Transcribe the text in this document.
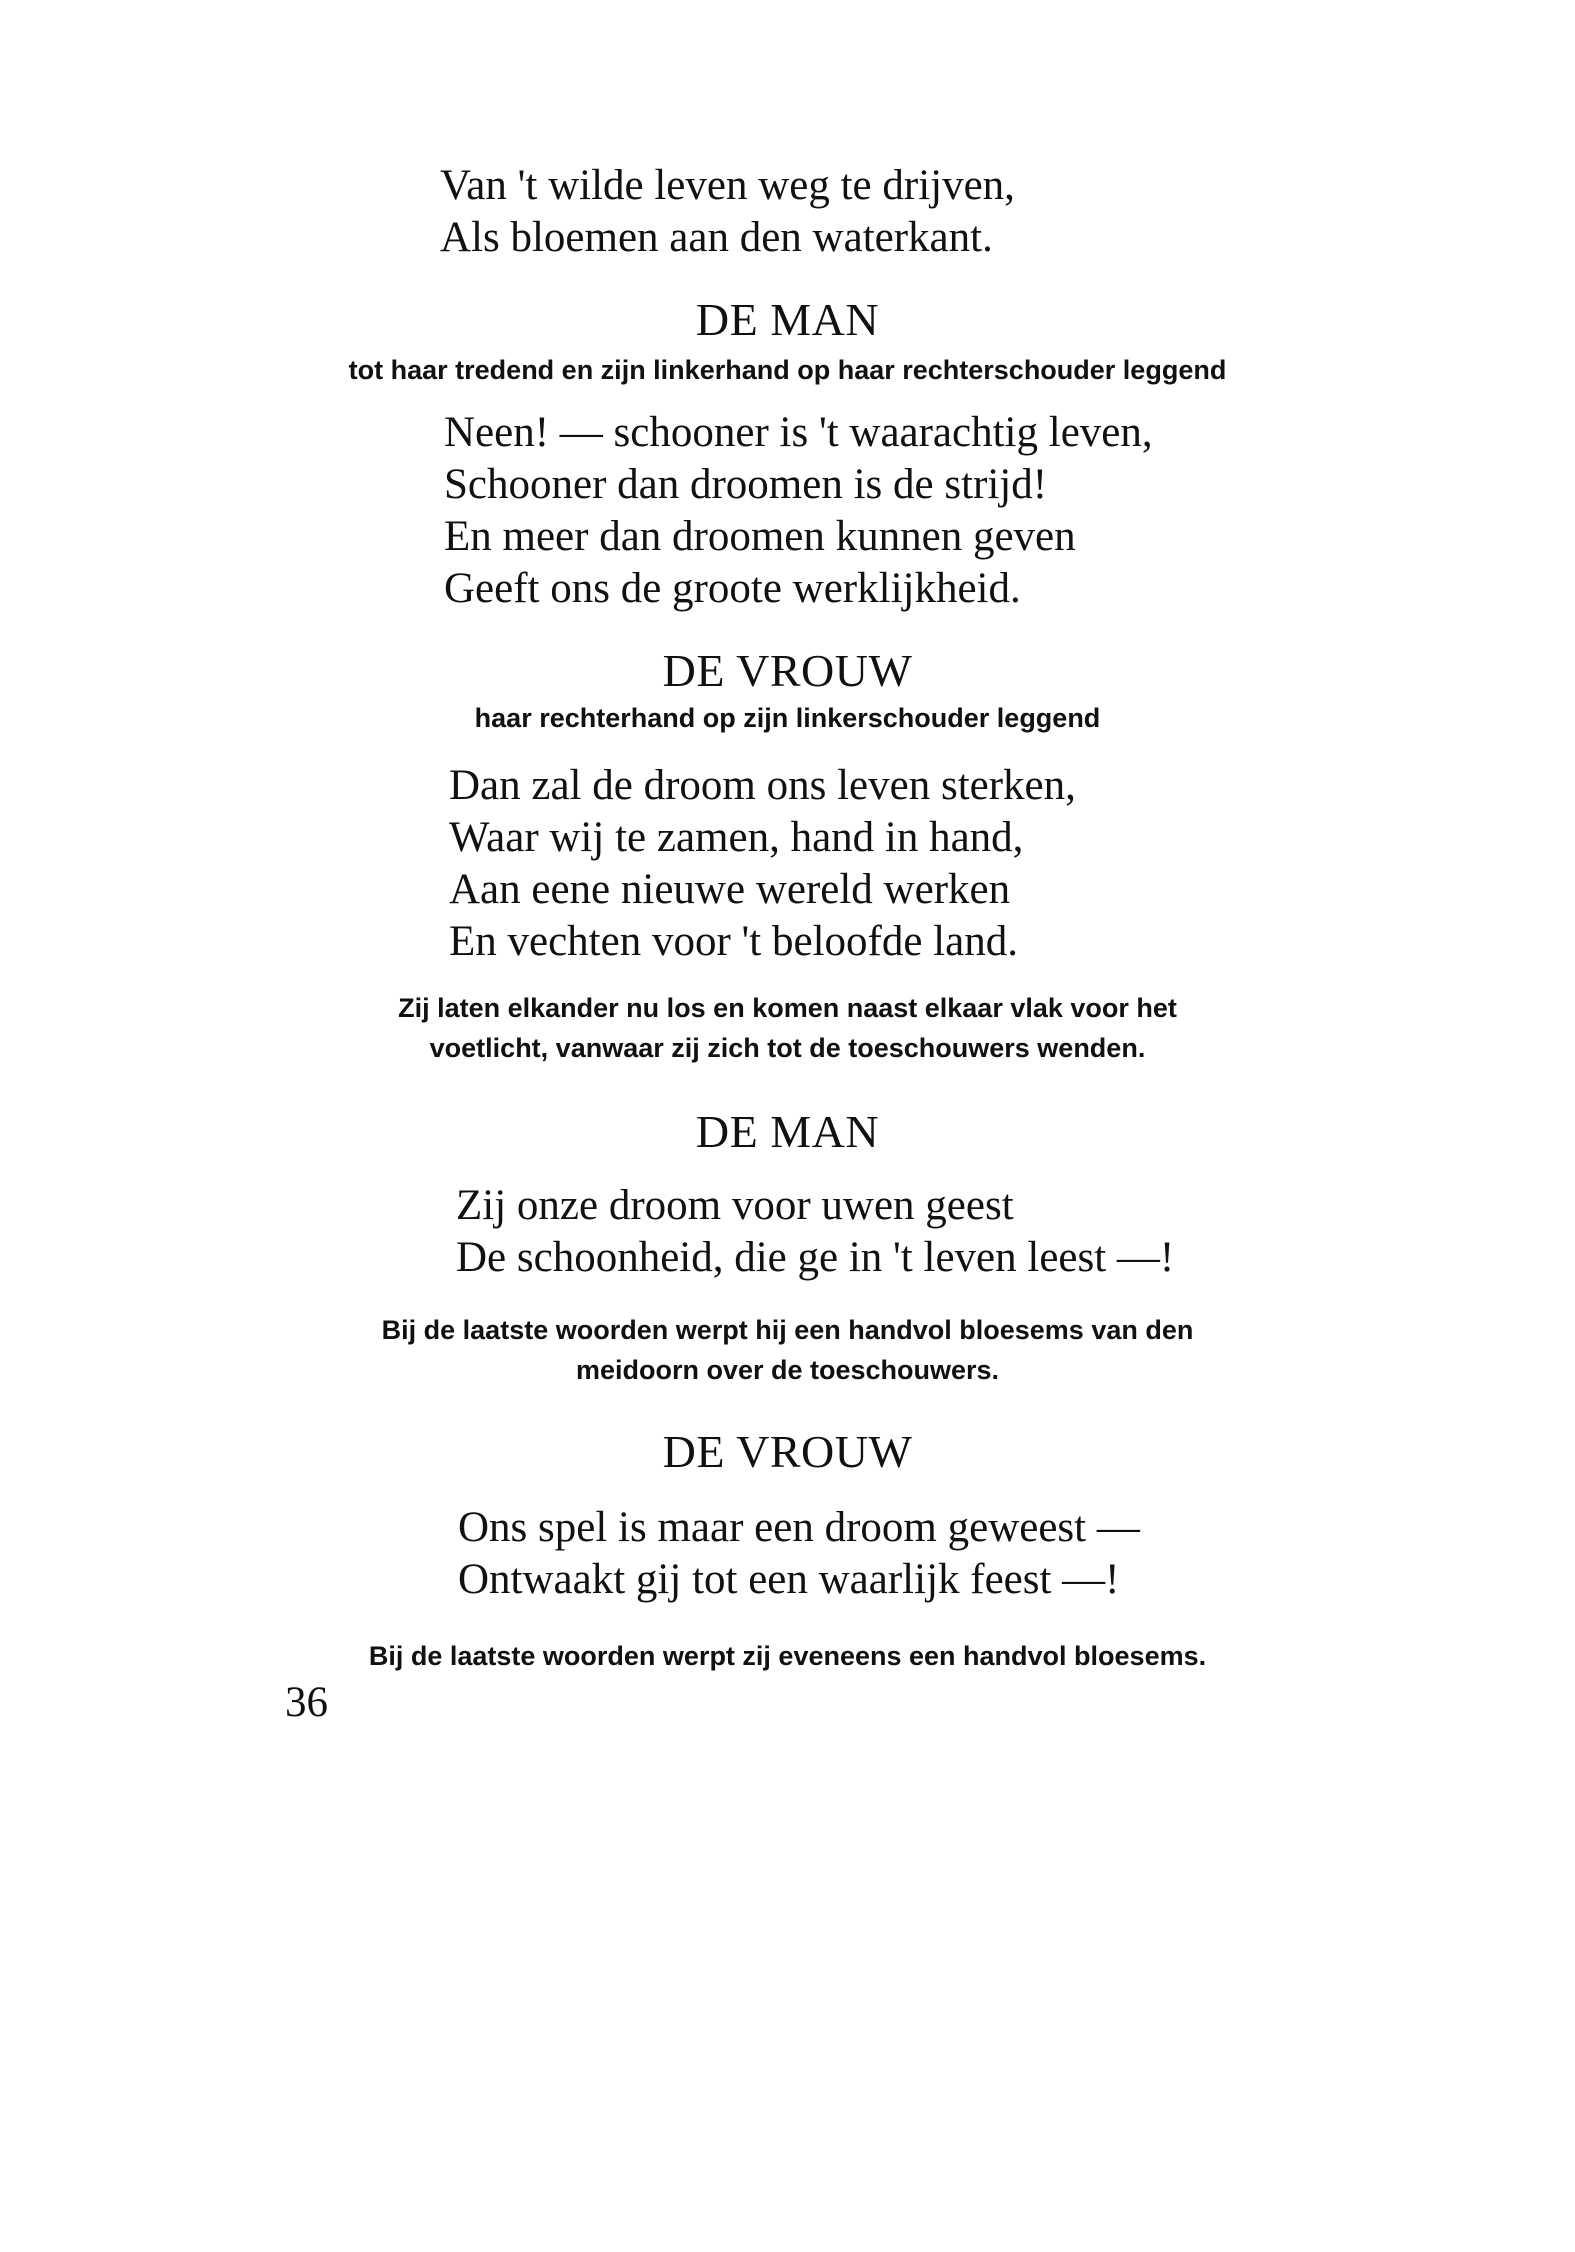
Van 't wilde leven weg te drijven,
Als bloemen aan den waterkant.
DE MAN
tot haar tredend en zijn linkerhand op haar rechterschouder leggend
Neen! — schooner is 't waarachtig leven,
Schooner dan droomen is de strijd!
En meer dan droomen kunnen geven
Geeft ons de groote werklijkheid.
DE VROUW
haar rechterhand op zijn linkerschouder leggend
Dan zal de droom ons leven sterken,
Waar wij te zamen, hand in hand,
Aan eene nieuwe wereld werken
En vechten voor 't beloofde land.
Zij laten elkander nu los en komen naast elkaar vlak voor het
voetlicht, vanwaar zij zich tot de toeschouwers wenden.
DE MAN
Zij onze droom voor uwen geest
De schoonheid, die ge in 't leven leest —!
Bij de laatste woorden werpt hij een handvol bloesems van den
meidoorn over de toeschouwers.
DE VROUW
Ons spel is maar een droom geweest —
Ontwaakt gij tot een waarlijk feest —!
Bij de laatste woorden werpt zij eveneens een handvol bloesems.
36
